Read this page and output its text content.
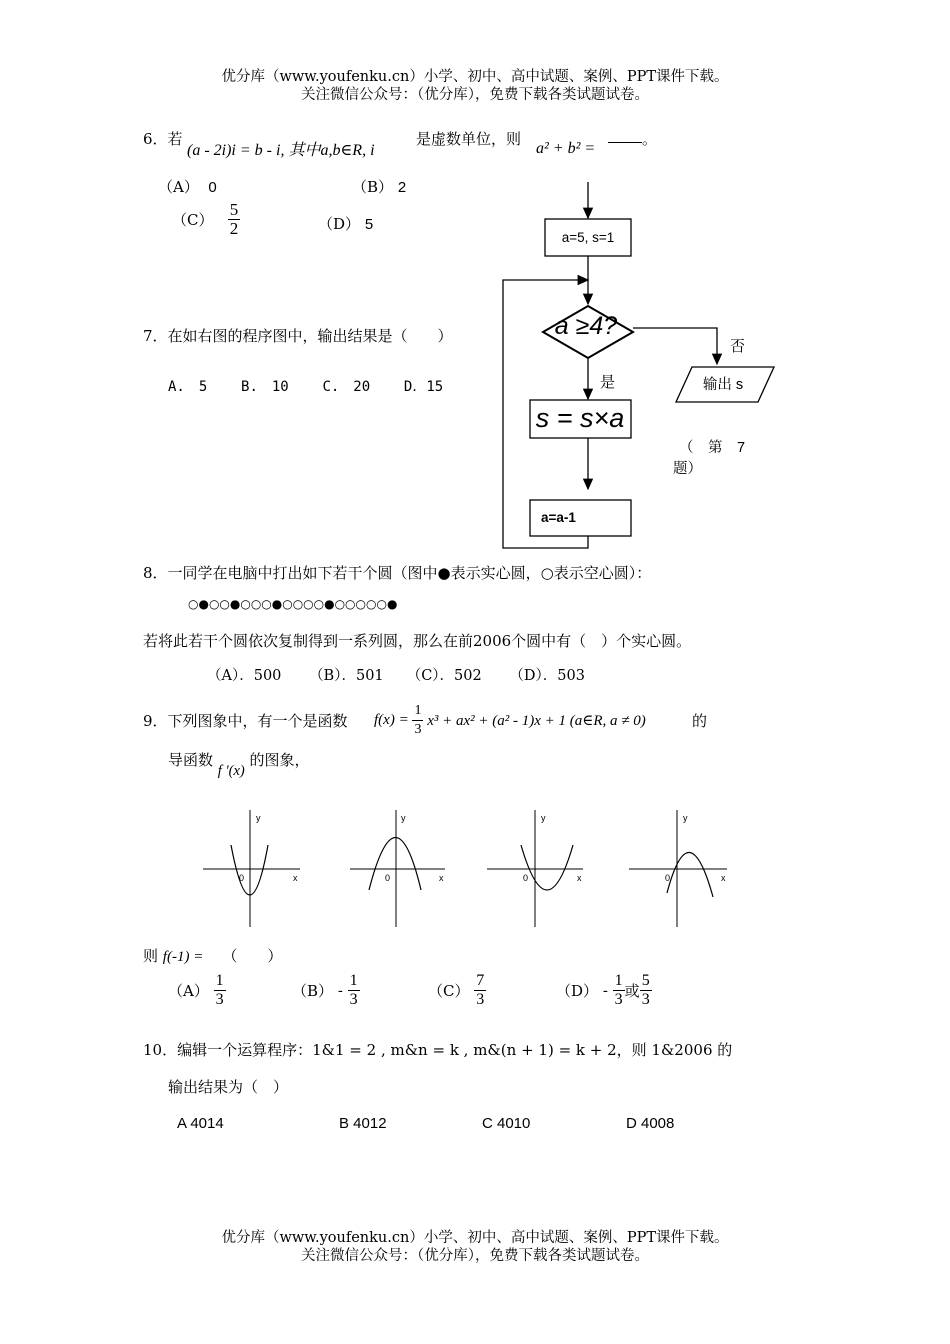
优分库（www.youfenku.cn）小学、初中、高中试题、案例、PPT课件下载。
关注微信公众号：（优分库），免费下载各类试题试卷。
6．若
(a - 2i)i = b - i, 其中a,b∈R, i
是虚数单位，则
a² + b² =
。
（A） 0	（B） 2
$(C) \frac{5}{2}$	（D） 5
7．在如右图的程序图中，输出结果是（　　）
A.　5 B.　10 C.　20 D．15
a=5, s=1
a ≥4?
否
输出 s
是
s = s×a
a=a-1
（　第　7
题）
8．一同学在电脑中打出如下若干个圆（图中●表示实心圆，○表示空心圆）：
○●○○●○○○●○○○○●○○○○○●
若将此若干个圆依次复制得到一系列圆，那么在前2006个圆中有（　）个实心圆。
（A）．500 （B）．501 （C）．502 （D）．503
9．下列图象中，有一个是函数 $f(x) = \frac{1}{3} x^3 + ax^2 + (a^2 - 1)x + 1$ (a∈R, a ≠ 0)	的
导函数 f ′(x) 的图象，
y
x
0
y
x
0
y
x
0
y
x
0
则 f(-1) = （　　）
$(A) \frac{1}{3}$	$(B) - \frac{1}{3}$	$(C) \frac{7}{3}$	$(D) - \frac{1}{3}$ 或 $\frac{5}{3}$
10．编辑一个运算程序：1&1 = 2 , m&n = k , m&(n + 1) = k + 2，则 1&2006 的
输出结果为（　）
A 4014	B 4012	C 4010	D 4008
优分库（www.youfenku.cn）小学、初中、高中试题、案例、PPT课件下载。
关注微信公众号：（优分库），免费下载各类试题试卷。
